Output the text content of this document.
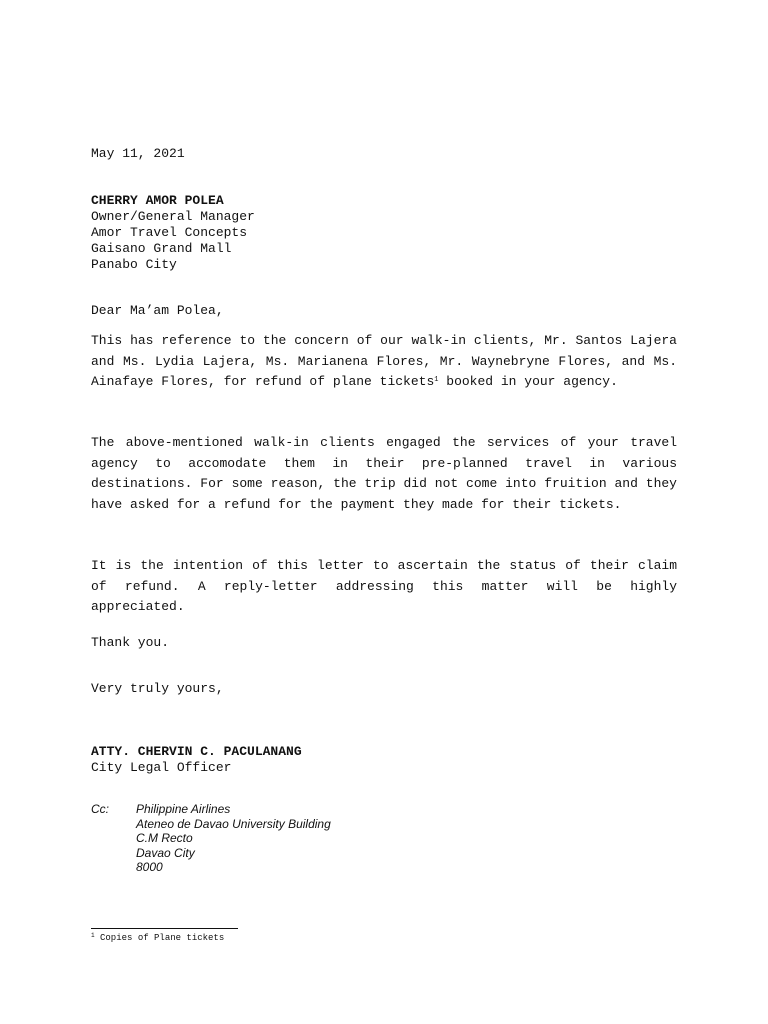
May 11, 2021
CHERRY AMOR POLEA
Owner/General Manager
Amor Travel Concepts
Gaisano Grand Mall
Panabo City
Dear Ma’am Polea,
This has reference to the concern of our walk-in clients, Mr. Santos Lajera and Ms. Lydia Lajera, Ms. Marianena Flores, Mr. Waynebryne Flores, and Ms. Ainafaye Flores, for refund of plane tickets$^1$ booked in your agency.
The above-mentioned walk-in clients engaged the services of your travel agency to accomodate them in their pre-planned travel in various destinations. For some reason, the trip did not come into fruition and they have asked for a refund for the payment they made for their tickets.
It is the intention of this letter to ascertain the status of their claim of refund. A reply-letter addressing this matter will be highly appreciated.
Thank you.
Very truly yours,
ATTY. CHERVIN C. PACULANANG
City Legal Officer
Cc:	Philippine Airlines
Ateneo de Davao University Building
C.M Recto
Davao City
8000
$^1$ Copies of Plane tickets
